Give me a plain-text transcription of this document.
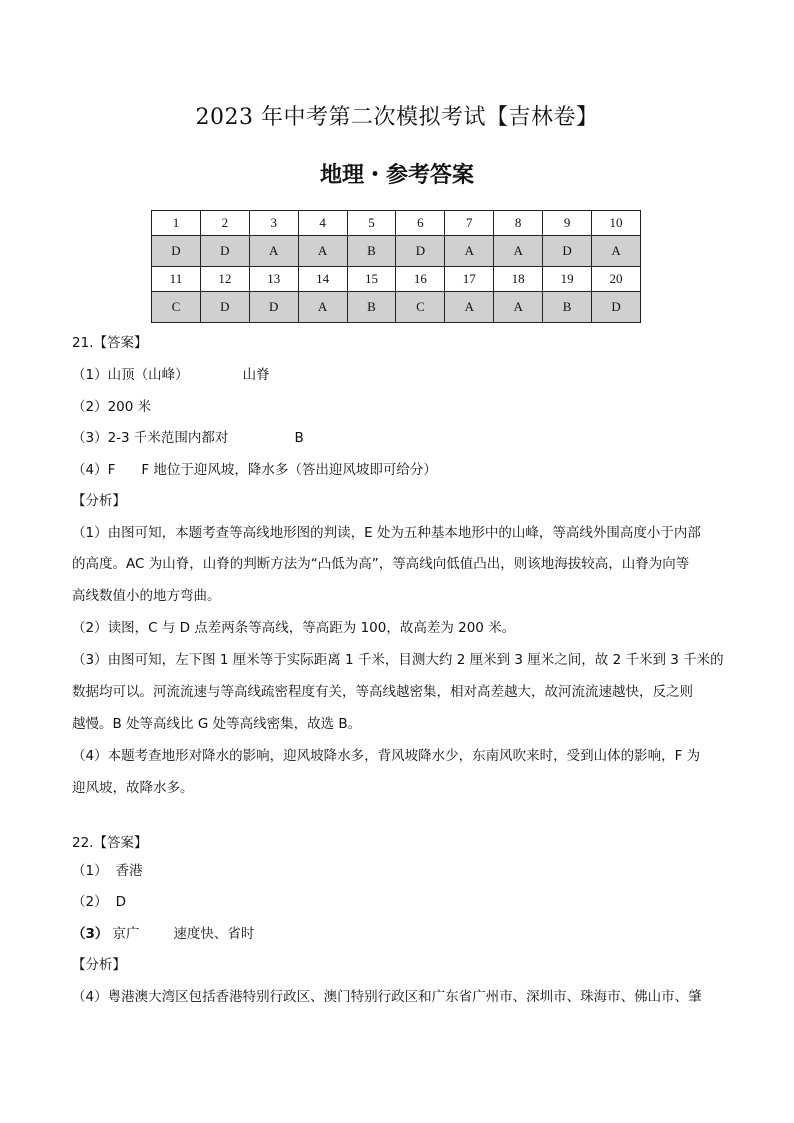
2023 年中考第二次模拟考试【吉林卷】
地理・参考答案
1	2	3	4	5	6	7	8	9	10
D	D	A	A	B	D	A	A	D	A
11	12	13	14	15	16	17	18	19	20
C	D	D	A	B	C	A	A	B	D
21.【答案】
（1）山顶（山峰）	山脊
（2）200 米
（3）2-3 千米范围内都对	B
（4）F F 地位于迎风坡，降水多（答出迎风坡即可给分）
【分析】
（1）由图可知，本题考查等高线地形图的判读，E 处为五种基本地形中的山峰，等高线外围高度小于内部
的高度。AC 为山脊，山脊的判断方法为“凸低为高”，等高线向低值凸出，则该地海拔较高，山脊为向等
高线数值小的地方弯曲。
（2）读图，C 与 D 点差两条等高线，等高距为 100，故高差为 200 米。
（3）由图可知，左下图 1 厘米等于实际距离 1 千米，目测大约 2 厘米到 3 厘米之间，故 2 千米到 3 千米的
数据均可以。河流流速与等高线疏密程度有关，等高线越密集，相对高差越大，故河流流速越快，反之则
越慢。B 处等高线比 G 处等高线密集，故选 B。
（4）本题考查地形对降水的影响，迎风坡降水多，背风坡降水少，东南风吹来时，受到山体的影响，F 为
迎风坡，故降水多。
22.【答案】
（1） 香港
（2） D
（3） 京广	速度快、省时
【分析】
（4）粤港澳大湾区包括香港特别行政区、澳门特别行政区和广东省广州市、深圳市、珠海市、佛山市、肇
